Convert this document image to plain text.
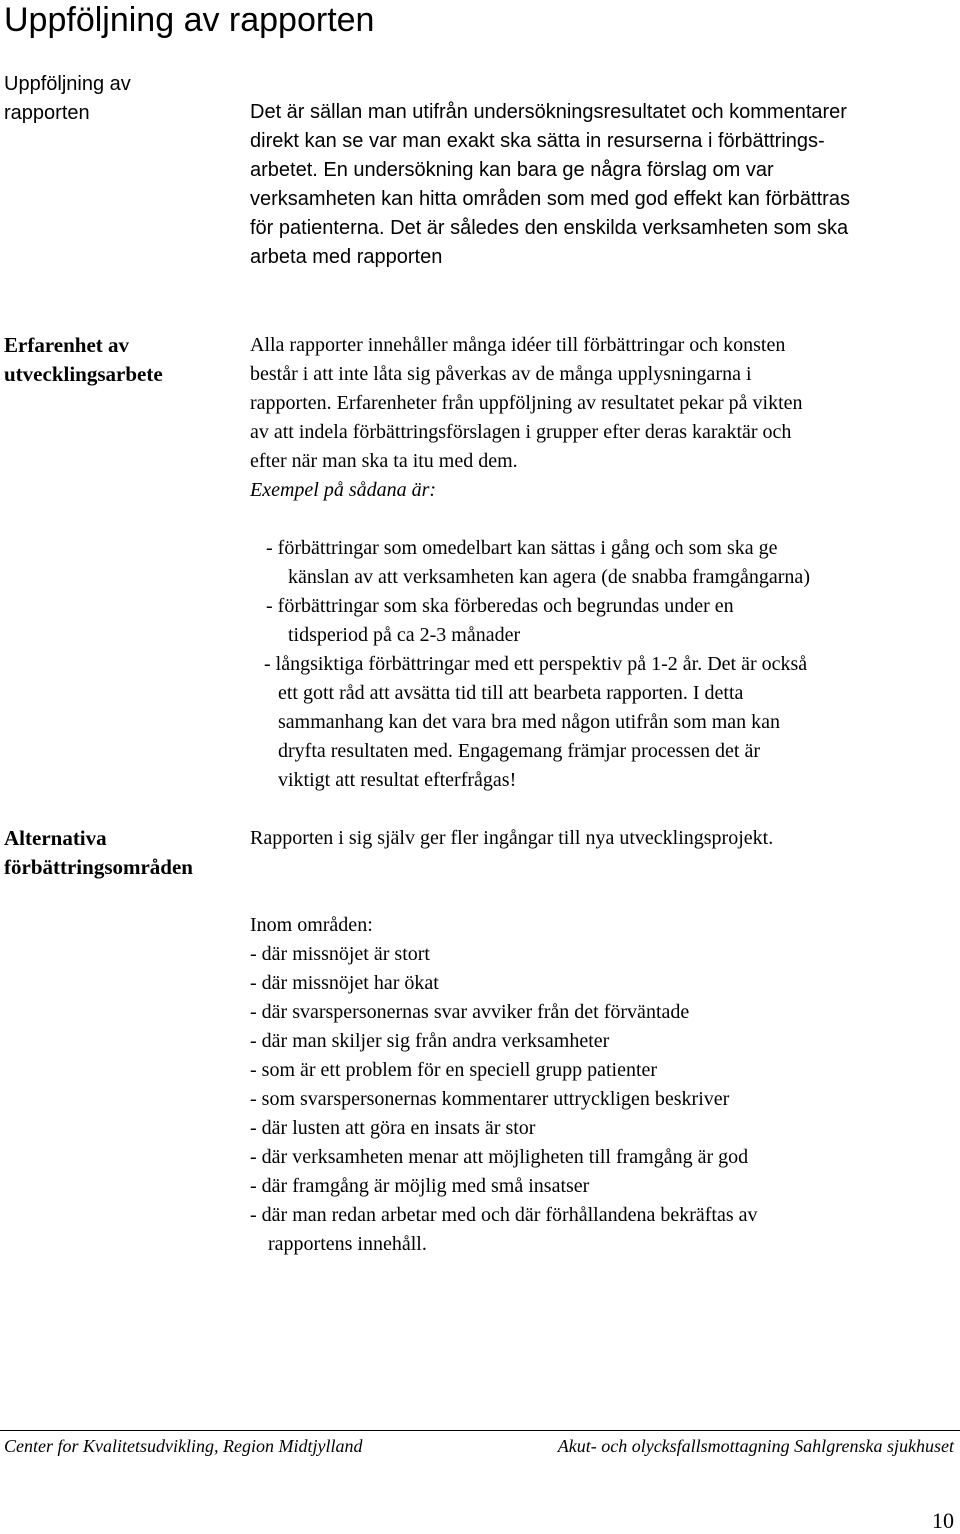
Uppföljning av rapporten
Uppföljning av
rapporten	Det är sällan man utifrån undersökningsresultatet och kommentarer
direkt kan se var man exakt ska sätta in resurserna i förbättrings-
arbetet. En undersökning kan bara ge några förslag om var
verksamheten kan hitta områden som med god effekt kan förbättras
för patienterna. Det är således den enskilda verksamheten som ska
arbeta med rapporten
Erfarenhet av
utvecklingsarbete
Alla rapporter innehåller många idéer till förbättringar och konsten
består i att inte låta sig påverkas av de många upplysningarna i
rapporten. Erfarenheter från uppföljning av resultatet pekar på vikten
av att indela förbättringsförslagen i grupper efter deras karaktär och
efter när man ska ta itu med dem.
Exempel på sådana är:
- förbättringar som omedelbart kan sättas i gång och som ska ge
känslan av att verksamheten kan agera (de snabba framgångarna)
- förbättringar som ska förberedas och begrundas under en
tidsperiod på ca 2-3 månader
- långsiktiga förbättringar med ett perspektiv på 1-2 år. Det är också
ett gott råd att avsätta tid till att bearbeta rapporten. I detta
sammanhang kan det vara bra med någon utifrån som man kan
dryfta resultaten med. Engagemang främjar processen det är
viktigt att resultat efterfrågas!
Alternativa
förbättringsområden
Rapporten i sig själv ger fler ingångar till nya utvecklingsprojekt.
Inom områden:
- där missnöjet är stort
- där missnöjet har ökat
- där svarspersonernas svar avviker från det förväntade
- där man skiljer sig från andra verksamheter
- som är ett problem för en speciell grupp patienter
- som svarspersonernas kommentarer uttryckligen beskriver
- där lusten att göra en insats är stor
- där verksamheten menar att möjligheten till framgång är god
- där framgång är möjlig med små insatser
- där man redan arbetar med och där förhållandena bekräftas av
rapportens innehåll.
Center for Kvalitetsudvikling, Region Midtjylland	Akut- och olycksfallsmottagning Sahlgrenska sjukhuset
10
